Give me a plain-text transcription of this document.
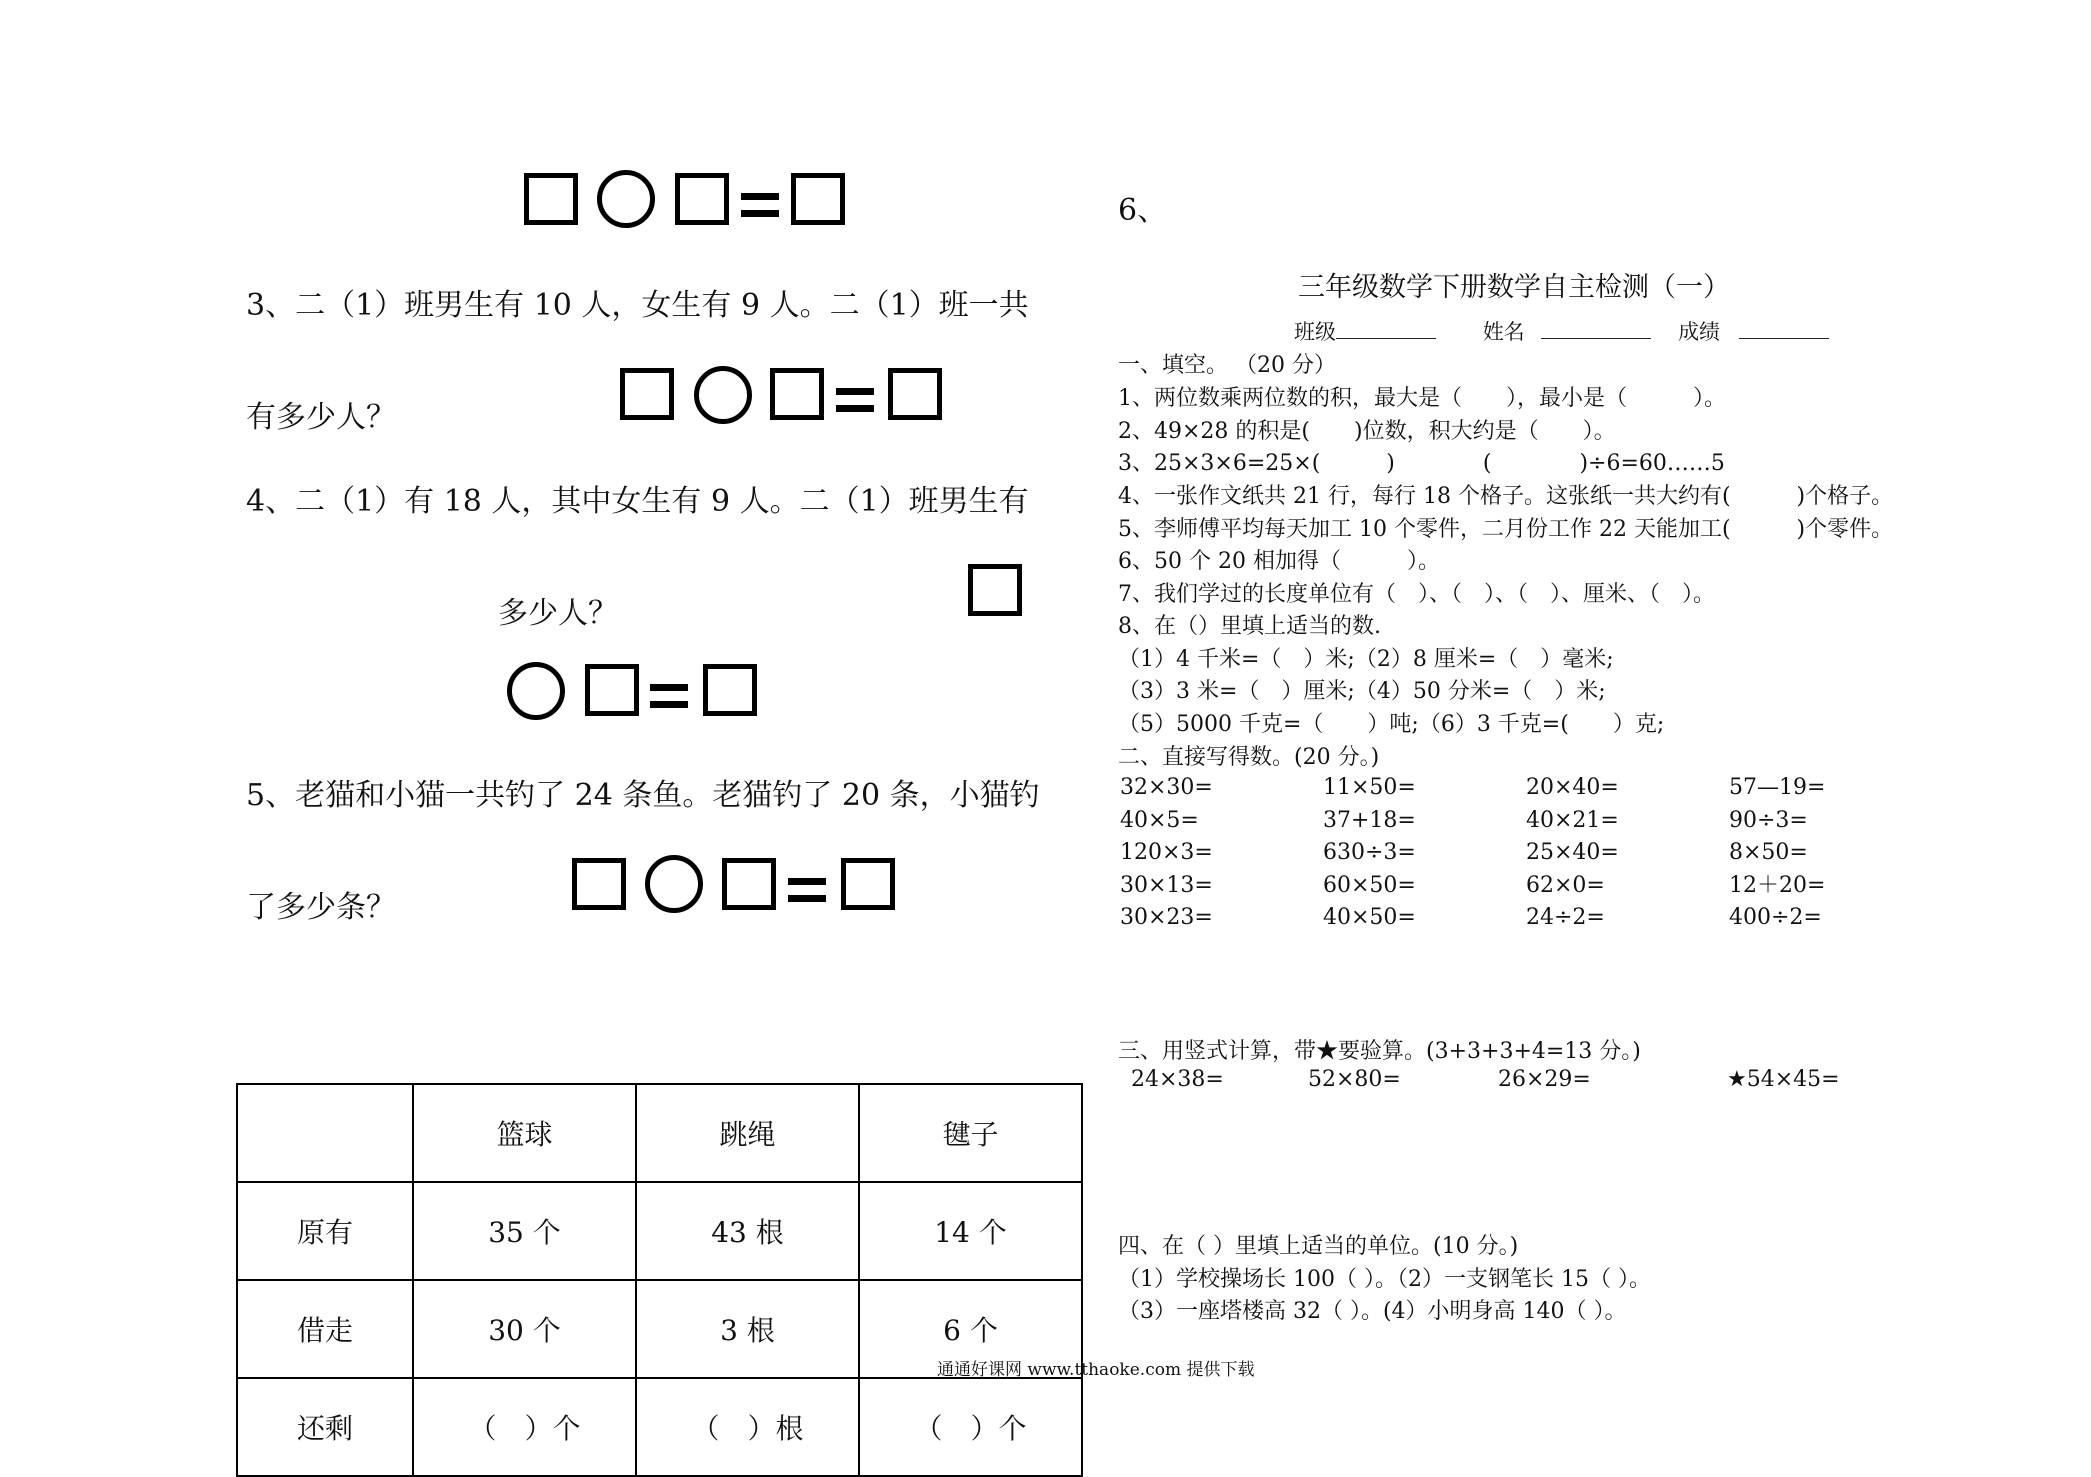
3、二（1）班男生有 10 人，女生有 9 人。二（1）班一共
有多少人？
4、二（1）有 18 人，其中女生有 9 人。二（1）班男生有
多少人？
5、老猫和小猫一共钓了 24 条鱼。老猫钓了 20 条，小猫钓
了多少条？
	篮球	跳绳	毽子
原有	35 个	43 根	14 个
借走	30 个	3 根	6 个
还剩	（　）个	（　）根	（　）个
通通好课网 www.tthaoke.com 提供下载
6、
三年级数学下册数学自主检测（一）
班级	姓名	成绩
一、填空。 （20 分）
1、两位数乘两位数的积，最大是（　　），最小是（　　　）。
2、49×28 的积是(　　)位数，积大约是（　　）。
3、25×3×6=25×(　　　)　　　　(　　　　)÷6=60……5
4、一张作文纸共 21 行，每行 18 个格子。这张纸一共大约有(　　　)个格子。
5、李师傅平均每天加工 10 个零件，二月份工作 22 天能加工(　　　)个零件。
6、50 个 20 相加得（　　　）。
7、我们学过的长度单位有（　）、（　）、（　）、厘米、（　）。
8、在（）里填上适当的数.
（1）4 千米=（　）米;（2）8 厘米=（　）毫米;
（3）3 米=（　）厘米;（4）50 分米=（　）米;
（5）5000 千克=（　　）吨;（6）3 千克=(　　）克;
二、直接写得数。(20 分。)
32×30=	11×50=	20×40=	57—19=
40×5=	37+18=	40×21=	90÷3=
120×3=	630÷3=	25×40=	8×50=
30×13=	60×50=	62×0=	12＋20=
30×23=	40×50=	24÷2=	400÷2=
三、用竖式计算，带★要验算。(3+3+3+4=13 分。)
24×38=	52×80=	26×29=	★54×45=
四、在（ ）里填上适当的单位。(10 分。)
（1）学校操场长 100（ ）。（2）一支钢笔长 15（ ）。
（3）一座塔楼高 32（ ）。(4）小明身高 140（ ）。
